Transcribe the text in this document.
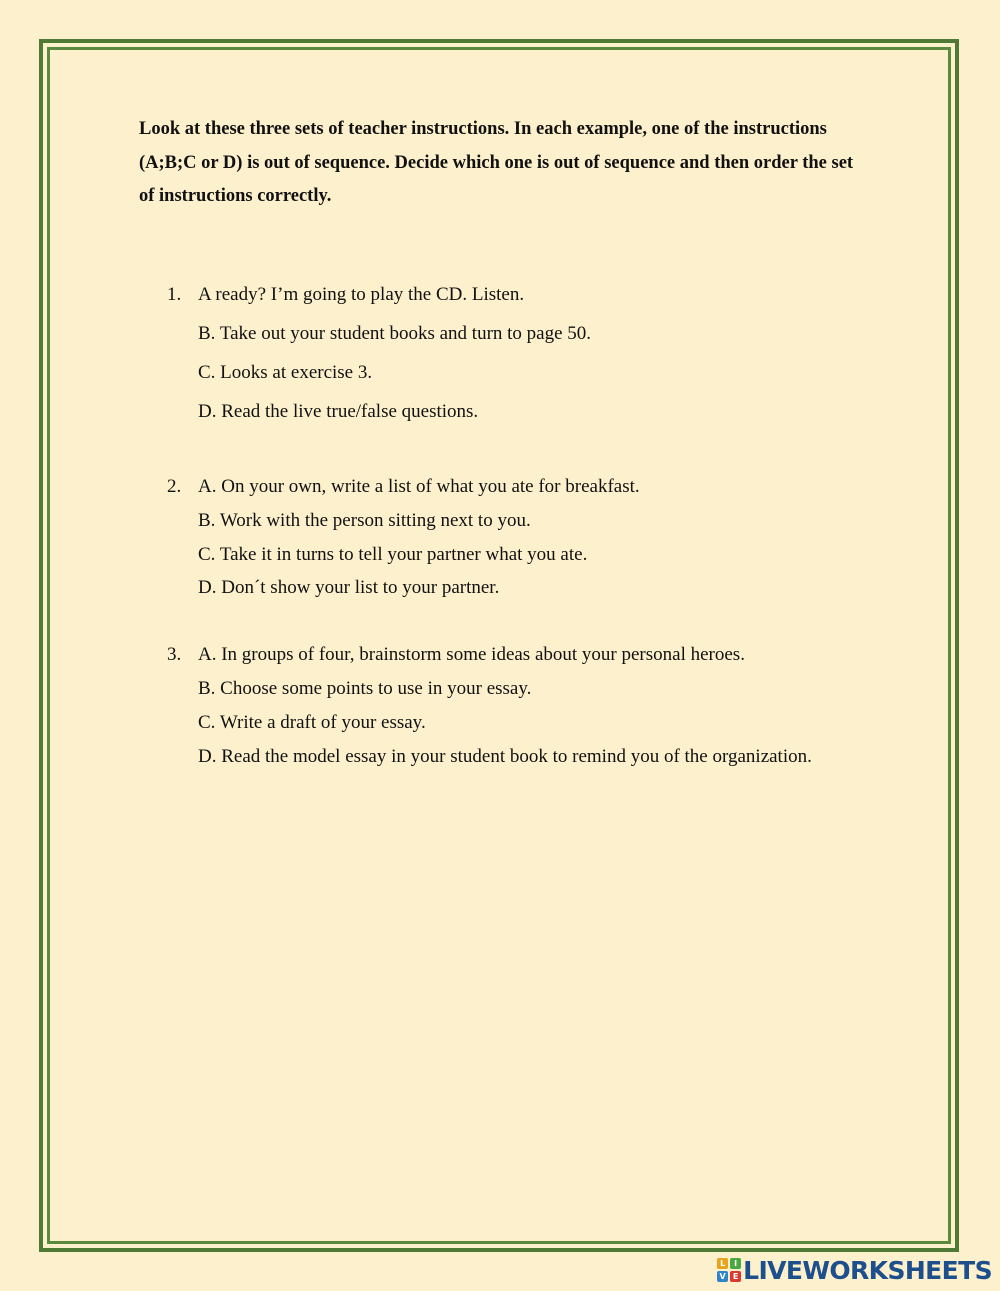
Look at these three sets of teacher instructions. In each example, one of the instructions (A;B;C or D) is out of sequence. Decide which one is out of sequence and then order the set of instructions correctly.

1. A ready? I’m going to play the CD. Listen.
B. Take out your student books and turn to page 50.
C. Looks at exercise 3.
D. Read the live true/false questions.
2. A. On your own, write a list of what you ate for breakfast.
B. Work with the person sitting next to you.
C. Take it in turns to tell your partner what you ate.
D. Don´t show your list to your partner.
3. A. In groups of four, brainstorm some ideas about your personal heroes.
B. Choose some points to use in your essay.
C. Write a draft of your essay.
D. Read the model essay in your student book to remind you of the organization.
L	I
V E LIVEWORKSHEETS
